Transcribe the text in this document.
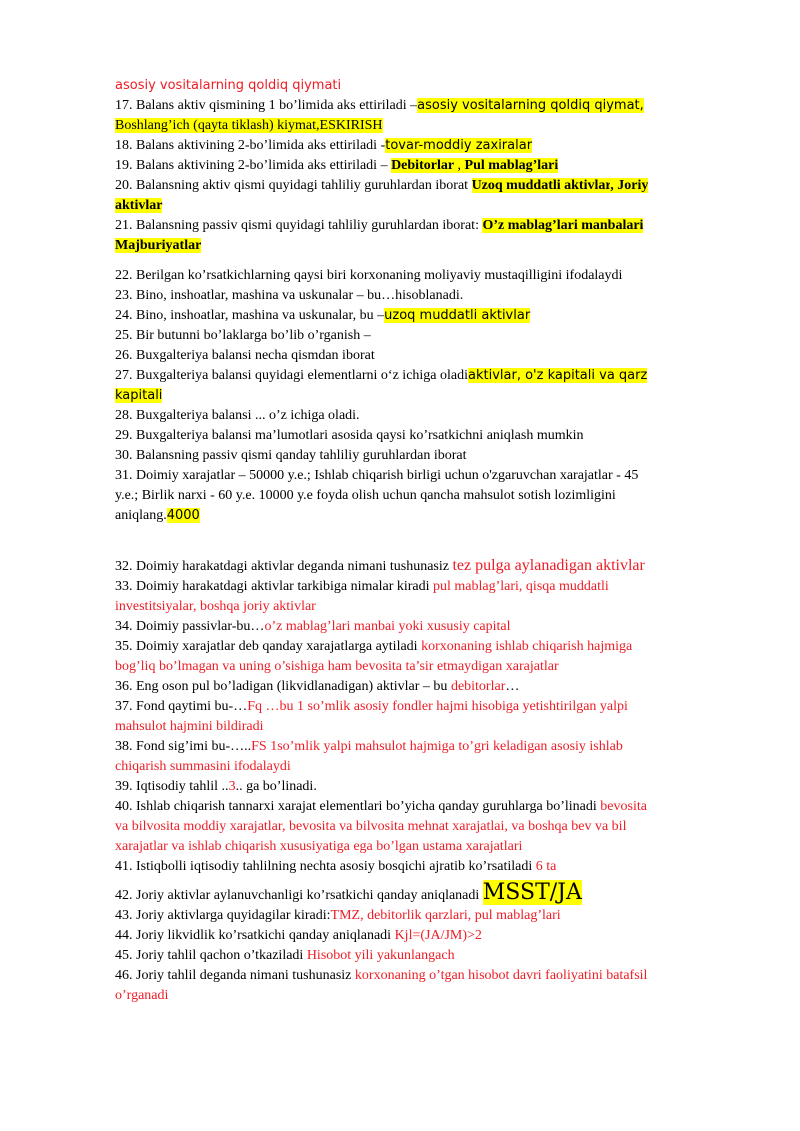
asosiy vositalarning qoldiq qiymati
17. Balans aktiv qismining 1 bo’limida aks ettiriladi –asosiy vositalarning qoldiq qiymat,
Boshlang’ich (qayta tiklash) kiymat,ESKIRISH
18. Balans aktivining 2-bo’limida aks ettiriladi -tovar-moddiy zaxiralar
19. Balans aktivining 2-bo’limida aks ettiriladi – Debitorlar , Pul mablag’lari
20. Balansning aktiv qismi quyidagi tahliliy guruhlardan iborat Uzoq muddatli aktivlar, Joriy
aktivlar
21. Balansning passiv qismi quyidagi tahliliy guruhlardan iborat: O’z mablag’lari manbalari
Majburiyatlar
22. Berilgan ko’rsatkichlarning qaysi biri korxonaning moliyaviy mustaqilligini ifodalaydi
23. Bino, inshoatlar, mashina va uskunalar – bu…hisoblanadi.
24. Bino, inshoatlar, mashina va uskunalar, bu –uzoq muddatli aktivlar
25. Bir butunni bo’laklarga bo’lib o’rganish –
26. Buxgalteriya balansi necha qismdan iborat
27. Buxgalteriya balansi quyidagi elementlarni o‘z ichiga oladiaktivlar, o'z kapitali va qarz
kapitali
28. Buxgalteriya balansi ... o’z ichiga oladi.
29. Buxgalteriya balansi ma’lumotlari asosida qaysi ko’rsatkichni aniqlash mumkin
30. Balansning passiv qismi qanday tahliliy guruhlardan iborat
31. Doimiy xarajatlar – 50000 y.e.; Ishlab chiqarish birligi uchun o'zgaruvchan xarajatlar - 45
y.e.; Birlik narxi - 60 y.e. 10000 y.e foyda olish uchun qancha mahsulot sotish lozimligini
aniqlang.4000
32. Doimiy harakatdagi aktivlar deganda nimani tushunasiz tez pulga aylanadigan aktivlar
33. Doimiy harakatdagi aktivlar tarkibiga nimalar kiradi pul mablag’lari, qisqa muddatli
investitsiyalar, boshqa joriy aktivlar
34. Doimiy passivlar-bu…o’z mablag’lari manbai yoki xususiy capital
35. Doimiy xarajatlar deb qanday xarajatlarga aytiladi korxonaning ishlab chiqarish hajmiga
bog’liq bo’lmagan va uning o’sishiga ham bevosita ta’sir etmaydigan xarajatlar
36. Eng oson pul bo’ladigan (likvidlanadigan) aktivlar – bu debitorlar…
37. Fond qaytimi bu-…Fq …bu 1 so’mlik asosiy fondler hajmi hisobiga yetishtirilgan yalpi
mahsulot hajmini bildiradi
38. Fond sig’imi bu-…..FS 1so’mlik yalpi mahsulot hajmiga to’gri keladigan asosiy ishlab
chiqarish summasini ifodalaydi
39. Iqtisodiy tahlil ..3.. ga bo’linadi.
40. Ishlab chiqarish tannarxi xarajat elementlari bo’yicha qanday guruhlarga bo’linadi bevosita
va bilvosita moddiy xarajatlar, bevosita va bilvosita mehnat xarajatlai, va boshqa bev va bil
xarajatlar va ishlab chiqarish xususiyatiga ega bo’lgan ustama xarajatlari
41. Istiqbolli iqtisodiy tahlilning nechta asosiy bosqichi ajratib ko’rsatiladi 6 ta
42. Joriy aktivlar aylanuvchanligi ko’rsatkichi qanday aniqlanadi MSST/JA
43. Joriy aktivlarga quyidagilar kiradi:TMZ, debitorlik qarzlari, pul mablag’lari
44. Joriy likvidlik ko’rsatkichi qanday aniqlanadi Kjl=(JA/JM)>2
45. Joriy tahlil qachon o’tkaziladi Hisobot yili yakunlangach
46. Joriy tahlil deganda nimani tushunasiz korxonaning o’tgan hisobot davri faoliyatini batafsil
o’rganadi
